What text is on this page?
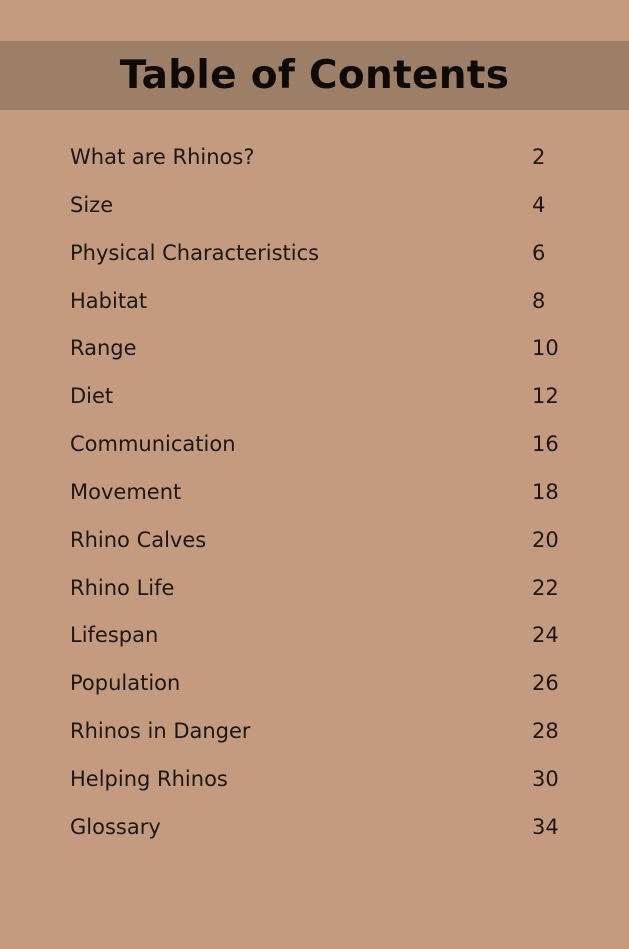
Table of Contents
What are Rhinos?	2
Size	4
Physical Characteristics	6
Habitat	8
Range	10
Diet	12
Communication	16
Movement	18
Rhino Calves	20
Rhino Life	22
Lifespan	24
Population	26
Rhinos in Danger	28
Helping Rhinos	30
Glossary	34
